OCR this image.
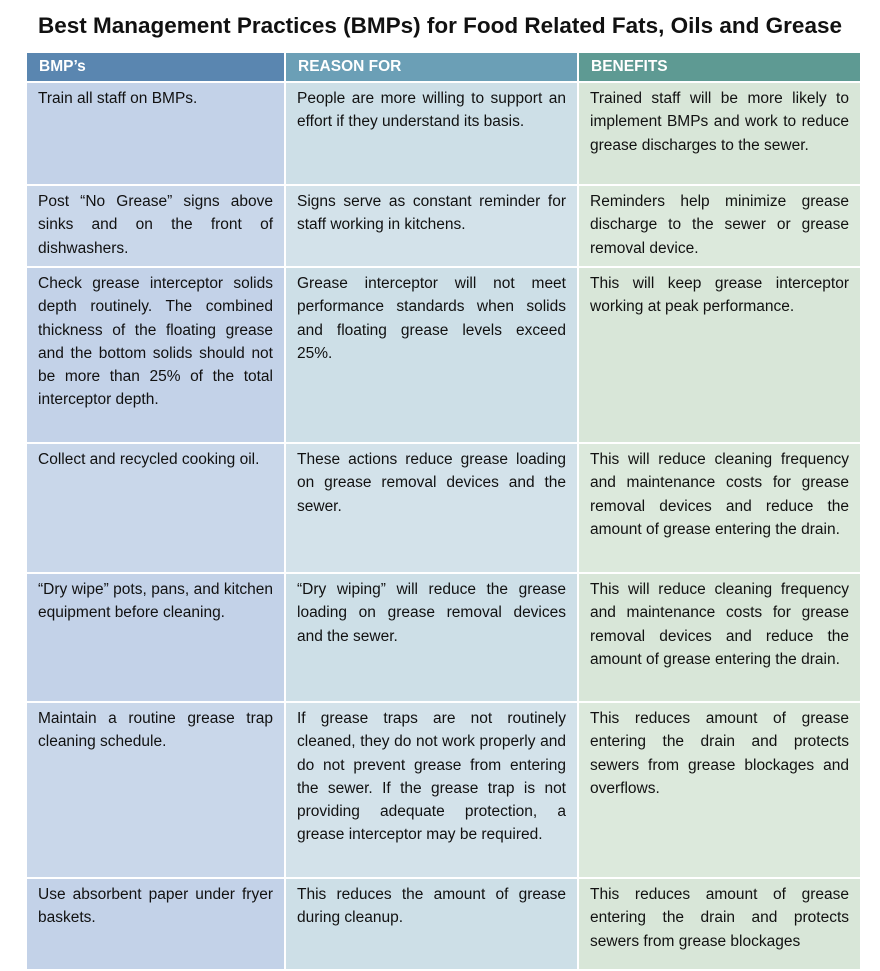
Best Management Practices (BMPs) for Food Related Fats, Oils and Grease
BMP’s	REASON FOR	BENEFITS
Train all staff on BMPs.	People are more willing to support an effort if they understand its basis.	Trained staff will be more likely to implement BMPs and work to reduce grease discharges to the sewer.
Post “No Grease” signs above sinks and on the front of dishwashers.	Signs serve as constant reminder for staff working in kitchens.	Reminders help minimize grease discharge to the sewer or grease removal device.
Check grease interceptor solids depth routinely. The combined thickness of the floating grease and the bottom solids should not be more than 25% of the total interceptor depth.	Grease interceptor will not meet performance standards when solids and floating grease levels exceed 25%.	This will keep grease interceptor working at peak performance.
Collect and recycled cooking oil.	These actions reduce grease loading on grease removal devices and the sewer.	This will reduce cleaning frequency and maintenance costs for grease removal devices and reduce the amount of grease entering the drain.
“Dry wipe” pots, pans, and kitchen equipment before cleaning.	“Dry wiping” will reduce the grease loading on grease removal devices and the sewer.	This will reduce cleaning frequency and maintenance costs for grease removal devices and reduce the amount of grease entering the drain.
Maintain a routine grease trap cleaning schedule.	If grease traps are not routinely cleaned, they do not work properly and do not prevent grease from entering the sewer. If the grease trap is not providing adequate protection, a grease interceptor may be required.	This reduces amount of grease entering the drain and protects sewers from grease blockages and overflows.
Use absorbent paper under fryer baskets.	This reduces the amount of grease during cleanup.	This reduces amount of grease entering the drain and protects sewers from grease blockages
